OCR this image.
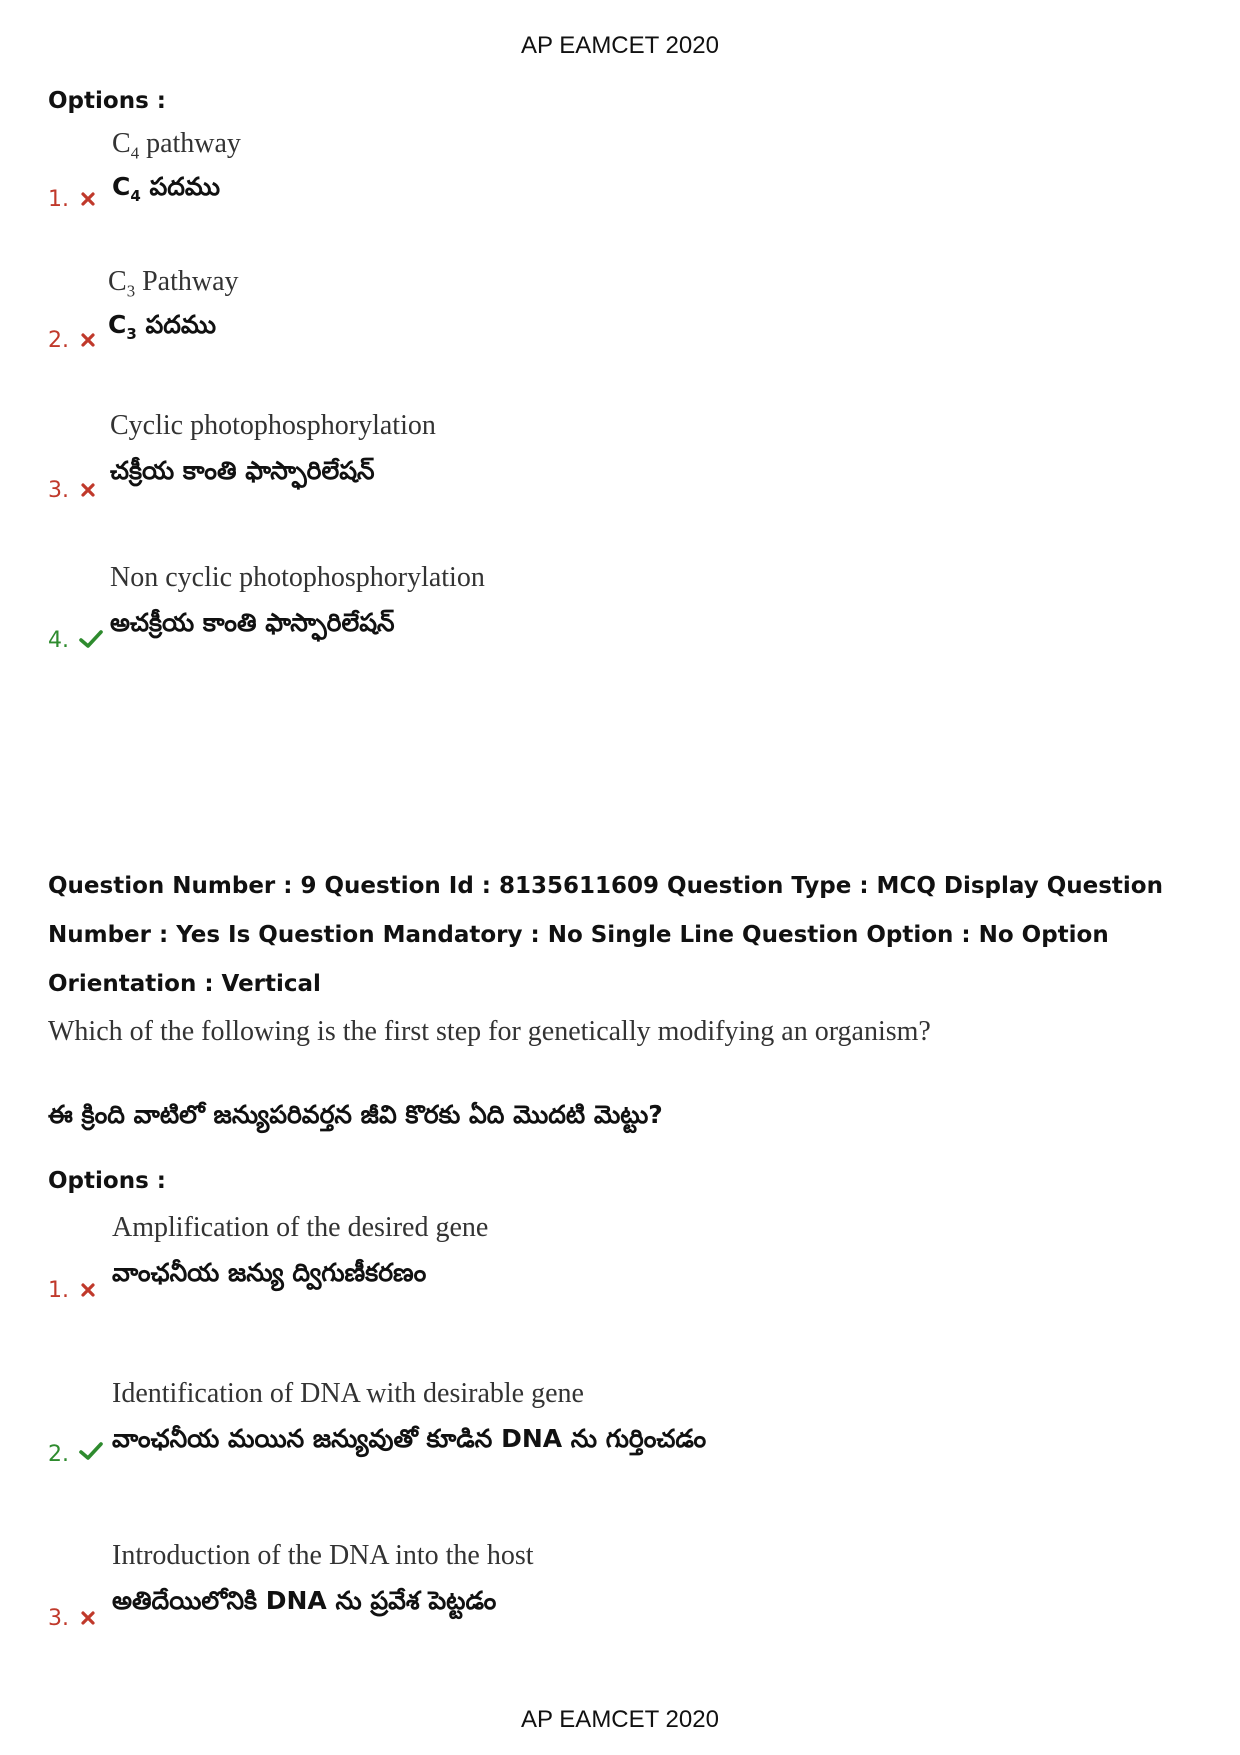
AP EAMCET 2020
Options :
$C_4$ pathway
$C_4$ పదము
1.
$C_3$ Pathway
$C_3$ పదము
2.
Cyclic photophosphorylation
చక్రీయ కాంతి ఫాస్ఫారిలేషన్
3.
Non cyclic photophosphorylation
అచక్రీయ కాంతి ఫాస్ఫారిలేషన్
4.
Question Number : 9 Question Id : 8135611609 Question Type : MCQ Display Question
Number : Yes Is Question Mandatory : No Single Line Question Option : No Option
Orientation : Vertical
Which of the following is the first step for genetically modifying an organism?
ఈ క్రింది వాటిలో జన్యుపరివర్తన జీవి కొరకు ఏది మొదటి మెట్టు?
Options :
Amplification of the desired gene
వాంఛనీయ జన్యు ద్విగుణీకరణం
1.
Identification of DNA with desirable gene
వాంఛనీయ మయిన జన్యువుతో కూడిన DNA ను గుర్తించడం
2.
Introduction of the DNA into the host
అతిదేయిలోనికి DNA ను ప్రవేశ పెట్టడం
3.
AP EAMCET 2020
